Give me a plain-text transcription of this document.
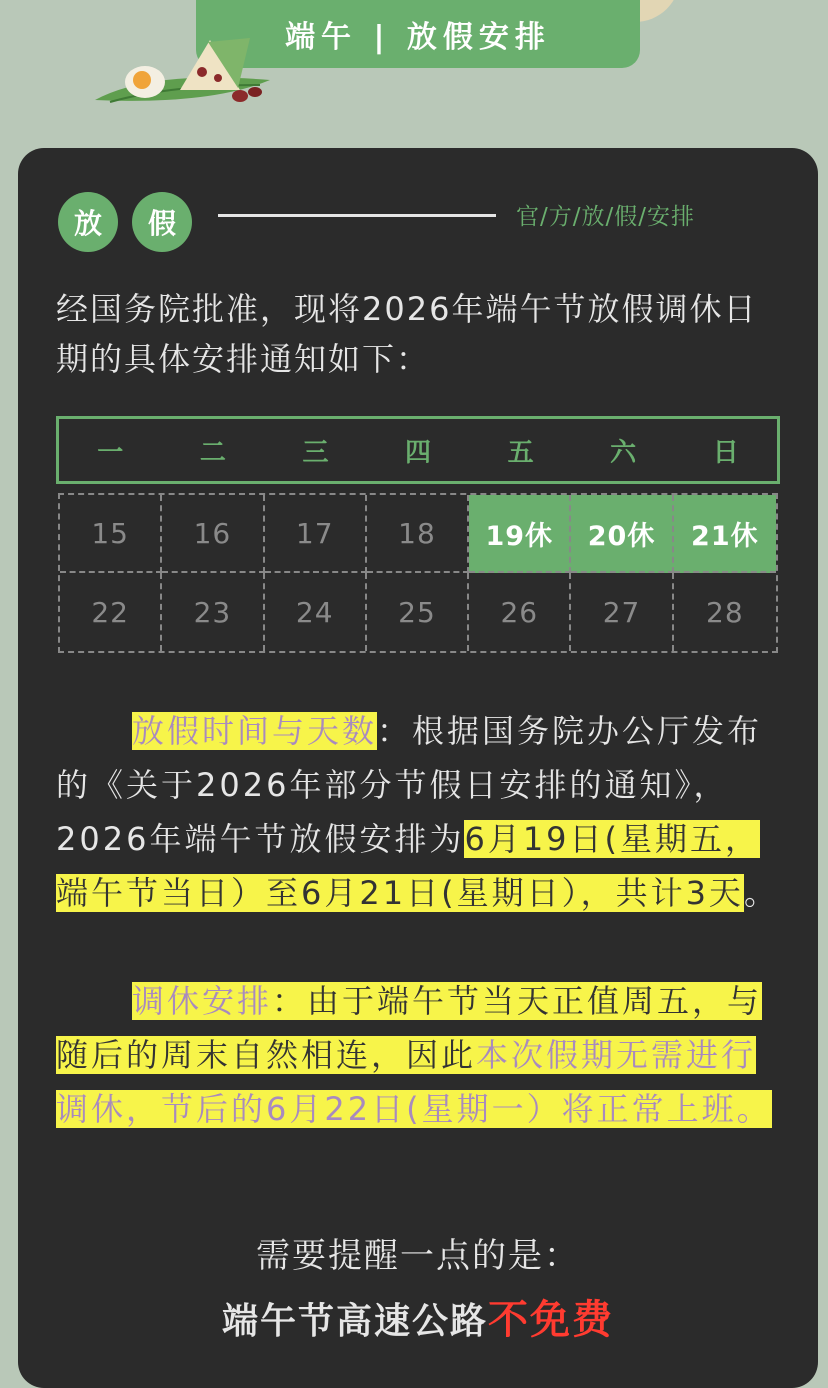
端午 | 放假安排
放	假	官/方/放/假/安排
经国务院批准，现将2026年端午节放假调休日期的具体安排通知如下：
一	二	三	四	五	六	日
15	16	17	18	19休	20休	21休
22	23	24	25	26	27	28
放假时间与天数：根据国务院办公厅发布的《关于2026年部分节假日安排的通知》，2026年端午节放假安排为6月19日(星期五，端午节当日）至6月21日(星期日），共计3天。
调休安排：由于端午节当天正值周五，与随后的周末自然相连，因此本次假期无需进行调休，节后的6月22日(星期一）将正常上班。
需要提醒一点的是：
端午节高速公路不免费
